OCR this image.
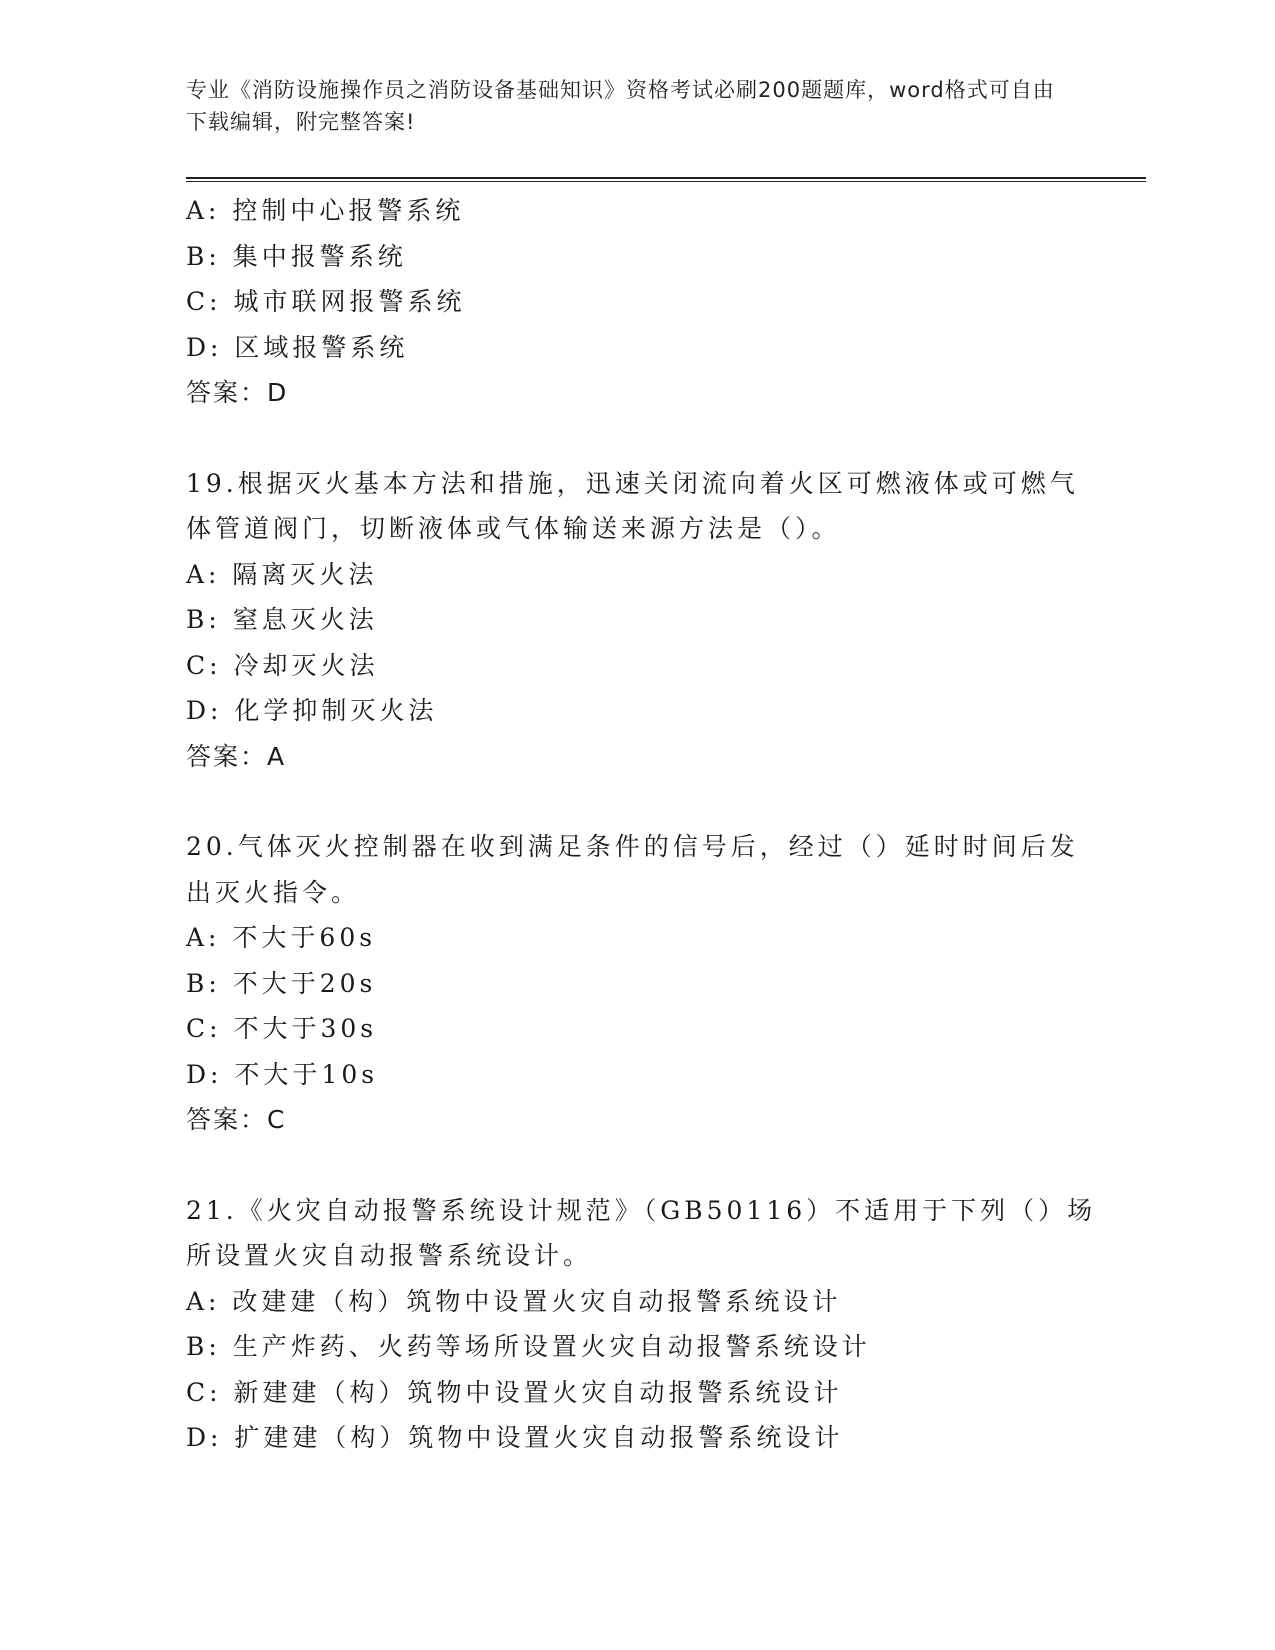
专业《消防设施操作员之消防设备基础知识》资格考试必刷200题题库，word格式可自由下载编辑，附完整答案!
A: 控制中心报警系统
B: 集中报警系统
C: 城市联网报警系统
D: 区域报警系统
答案：D
19.根据灭火基本方法和措施，迅速关闭流向着火区可燃液体或可燃气
体管道阀门，切断液体或气体输送来源方法是（）。
A: 隔离灭火法
B: 窒息灭火法
C: 冷却灭火法
D: 化学抑制灭火法
答案：A
20.气体灭火控制器在收到满足条件的信号后，经过（）延时时间后发
出灭火指令。
A: 不大于60s
B: 不大于20s
C: 不大于30s
D: 不大于10s
答案：C
21.《火灾自动报警系统设计规范》（GB50116）不适用于下列（）场
所设置火灾自动报警系统设计。
A: 改建建（构）筑物中设置火灾自动报警系统设计
B: 生产炸药、火药等场所设置火灾自动报警系统设计
C: 新建建（构）筑物中设置火灾自动报警系统设计
D: 扩建建（构）筑物中设置火灾自动报警系统设计
